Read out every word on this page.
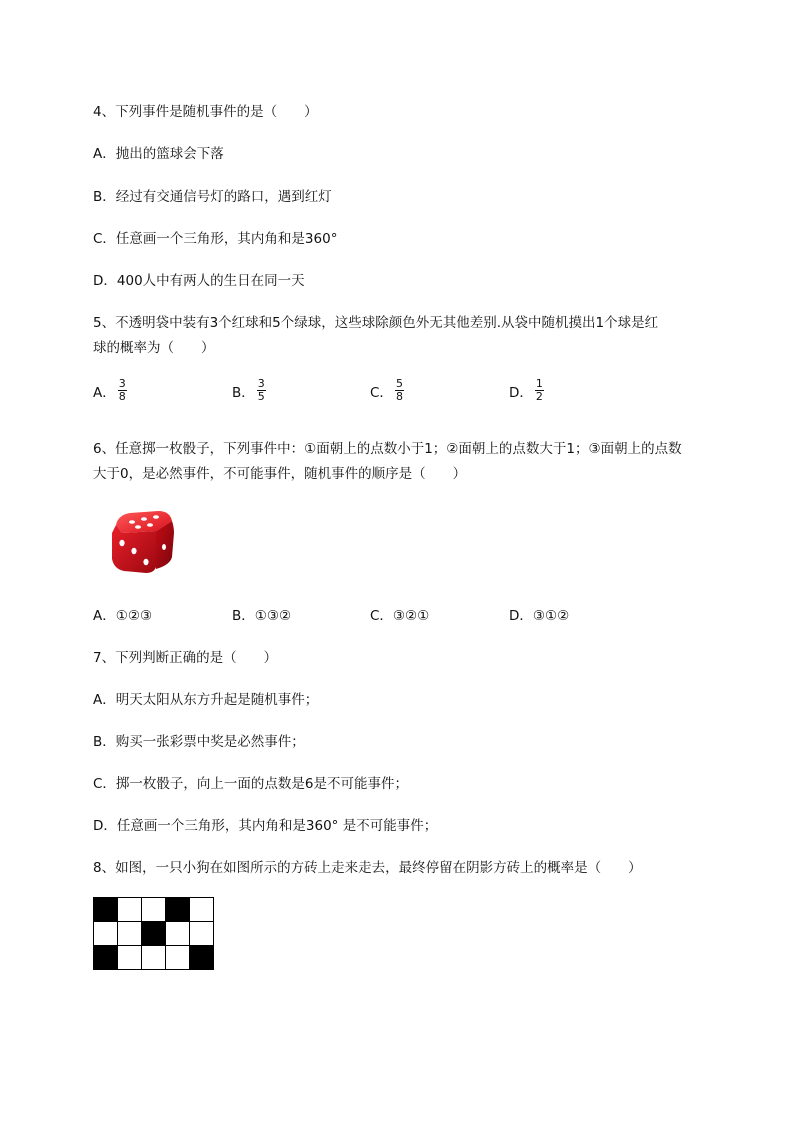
4、下列事件是随机事件的是（　　）
A．抛出的篮球会下落
B．经过有交通信号灯的路口，遇到红灯
C．任意画一个三角形，其内角和是360°
D．400人中有两人的生日在同一天
5、不透明袋中装有3个红球和5个绿球，这些球除颜色外无其他差别.从袋中随机摸出1个球是红
球的概率为（　　）
A． $\frac{3}{8}$	B． $\frac{3}{5}$	C． $\frac{5}{8}$	D． $\frac{1}{2}$
6、任意掷一枚骰子，下列事件中：①面朝上的点数小于1；②面朝上的点数大于1；③面朝上的点数
大于0，是必然事件，不可能事件，随机事件的顺序是（　　）
A．①②③	B．①③②	C．③②①	D．③①②
7、下列判断正确的是（　　）
A．明天太阳从东方升起是随机事件；
B．购买一张彩票中奖是必然事件；
C．掷一枚骰子，向上一面的点数是6是不可能事件；
D．任意画一个三角形，其内角和是360° 是不可能事件；
8、如图，一只小狗在如图所示的方砖上走来走去，最终停留在阴影方砖上的概率是（　　）
